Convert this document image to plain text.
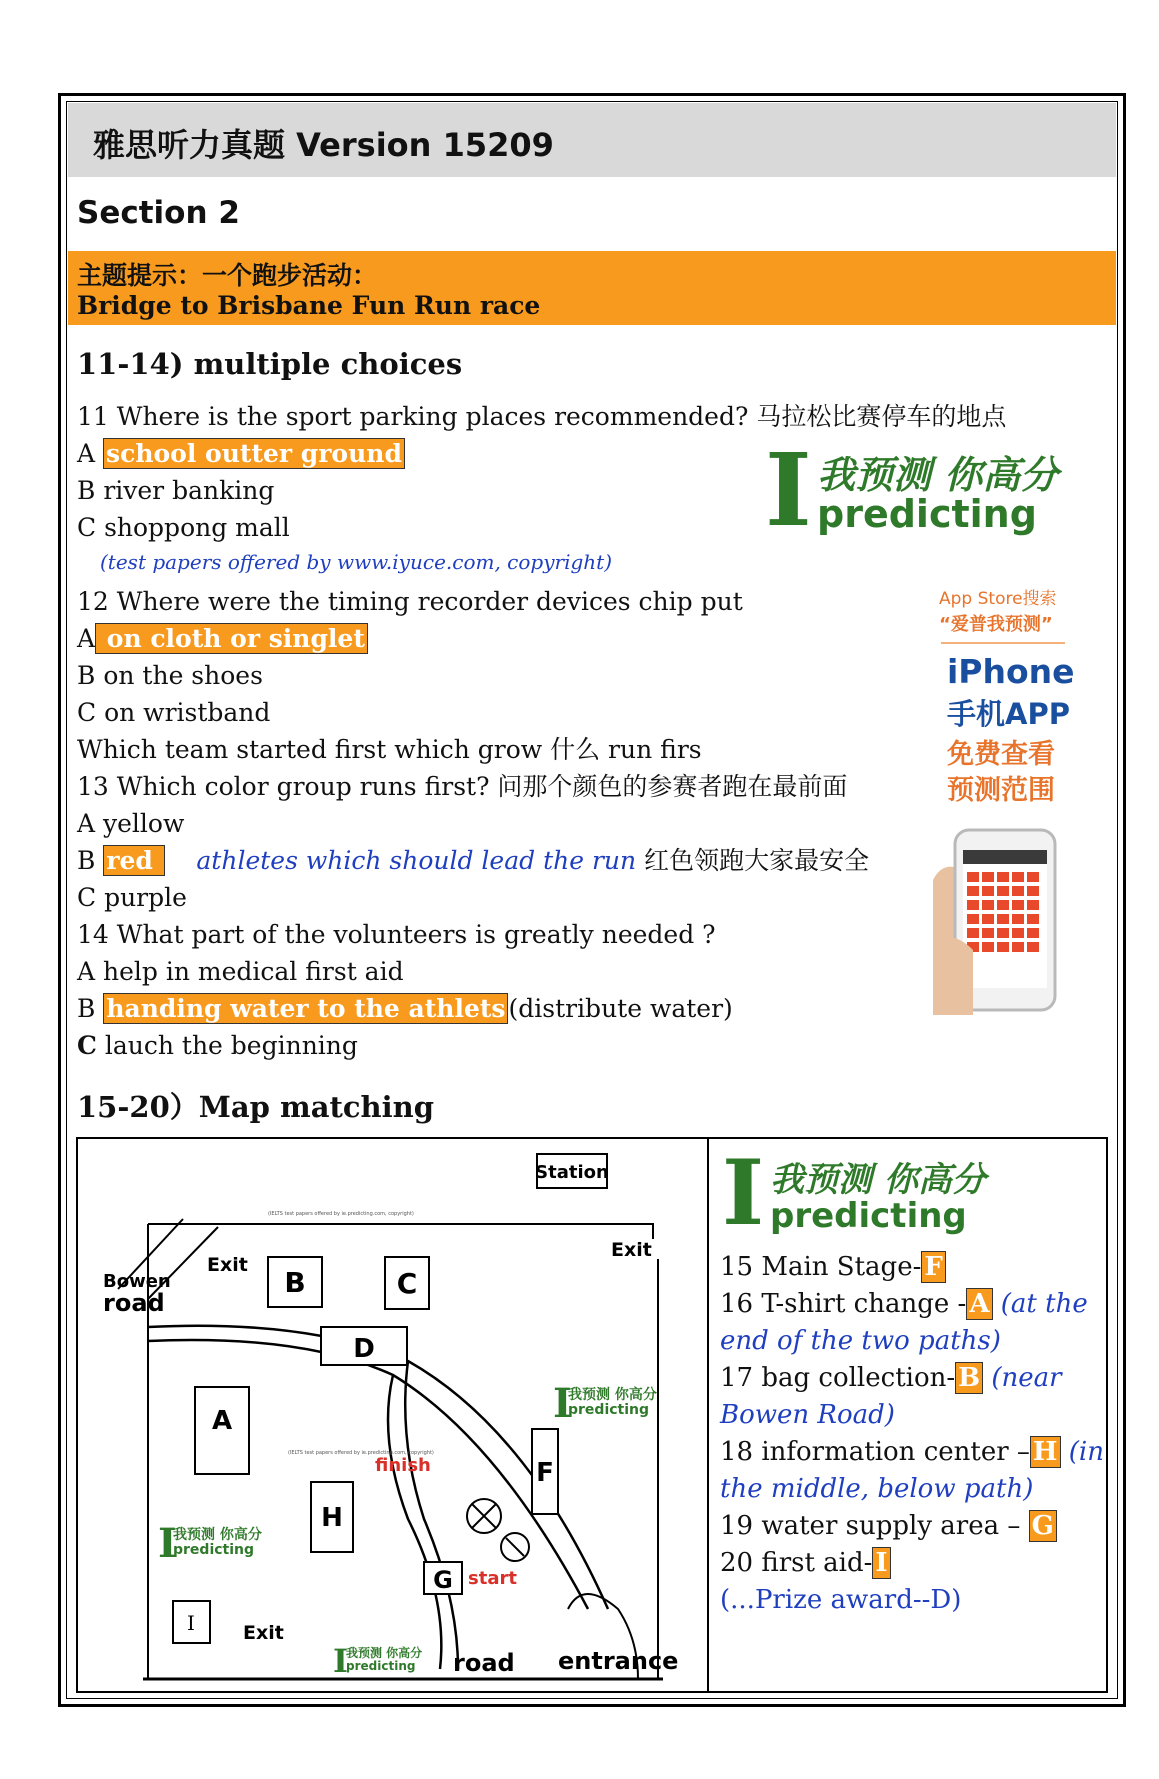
雅思听力真题 Version 15209
Section 2
主题提示：一个跑步活动：
Bridge to Brisbane Fun Run race
11-14) multiple choices
11 Where is the sport parking places recommended? 马拉松比赛停车的地点
A school outter ground
B river banking
C shoppong mall
(test papers offered by www.iyuce.com, copyright)
12 Where were the timing recorder devices chip put
A on cloth or singlet
B on the shoes
C on wristband
Which team started first which grow 什么 run firs
13 Which color group runs first? 问那个颜色的参赛者跑在最前面
A yellow
B red     athletes which should lead the run 红色领跑大家最安全
C purple
14 What part of the volunteers is greatly needed ?
A help in medical first aid
B handing water to the athlets (distribute water)
C lauch the beginning
I 我预测 你高分
predicting
App Store搜索
“爱普我预测”
iPhone
手机APP
免费查看
预测范围
15-20）Map matching
B	C
D
A
H
F
G
I
Station
Exit
Exit
Exit
Bowen
road
finish
start
road entrance
(IELTS test papers offered by ie.predicting.com, copyright)
(IELTS test papers offered by ie.predicting.com, copyright)
I
我预测 你高分
predicting
I
我预测 你高分
predicting
I
我预测 你高分
predicting
I 我预测 你高分
predicting
15 Main Stage- F
16 T-shirt change - A (at the
end of the two paths)
17 bag collection- B (near
Bowen Road)
18 information center – H (in
the middle, below path)
19 water supply area – G
20 first aid- I
(...Prize award--D)
